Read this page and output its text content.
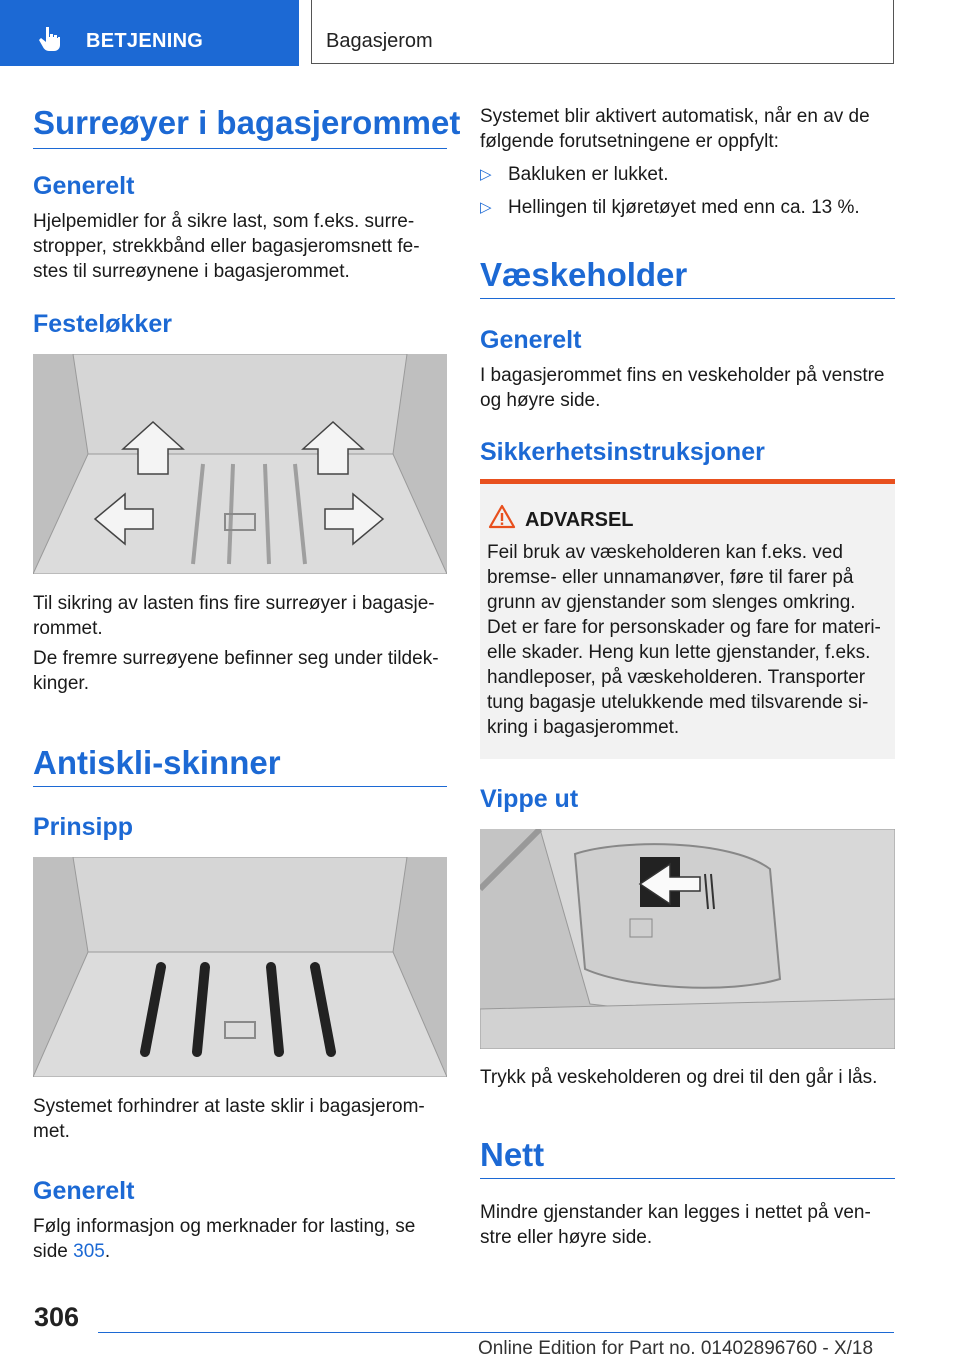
BETJENING	Bagasjerom
Surreøyer i bagasjerommet
Generelt
Hjelpemidler for å sikre last, som f.eks. surre-
stropper, strekkbånd eller bagasjeromsnett fe-
stes til surreøynene i bagasjerommet.
Festeløkker
Til sikring av lasten fins fire surreøyer i bagasje-
rommet.
De fremre surreøyene befinner seg under tildek-
kinger.
Antiskli-skinner
Prinsipp
Systemet forhindrer at laste sklir i bagasjerom-
met.
Generelt
Følg informasjon og merknader for lasting, se
side 305.
Systemet blir aktivert automatisk, når en av de
følgende forutsetningene er oppfylt:
▷ Bakluken er lukket.
▷ Hellingen til kjøretøyet med enn ca. 13 %.
Væskeholder
Generelt
I bagasjerommet fins en veskeholder på venstre
og høyre side.
Sikkerhetsinstruksjoner
ADVARSEL
Feil bruk av væskeholderen kan f.eks. ved
bremse- eller unnamanøver, føre til farer på
grunn av gjenstander som slenges omkring.
Det er fare for personskader og fare for materi-
elle skader. Heng kun lette gjenstander, f.eks.
handleposer, på væskeholderen. Transporter
tung bagasje utelukkende med tilsvarende si-
kring i bagasjerommet.
Vippe ut
Trykk på veskeholderen og drei til den går i lås.
Nett
Mindre gjenstander kan legges i nettet på ven-
stre eller høyre side.
306
Online Edition for Part no. 01402896760 - X/18
